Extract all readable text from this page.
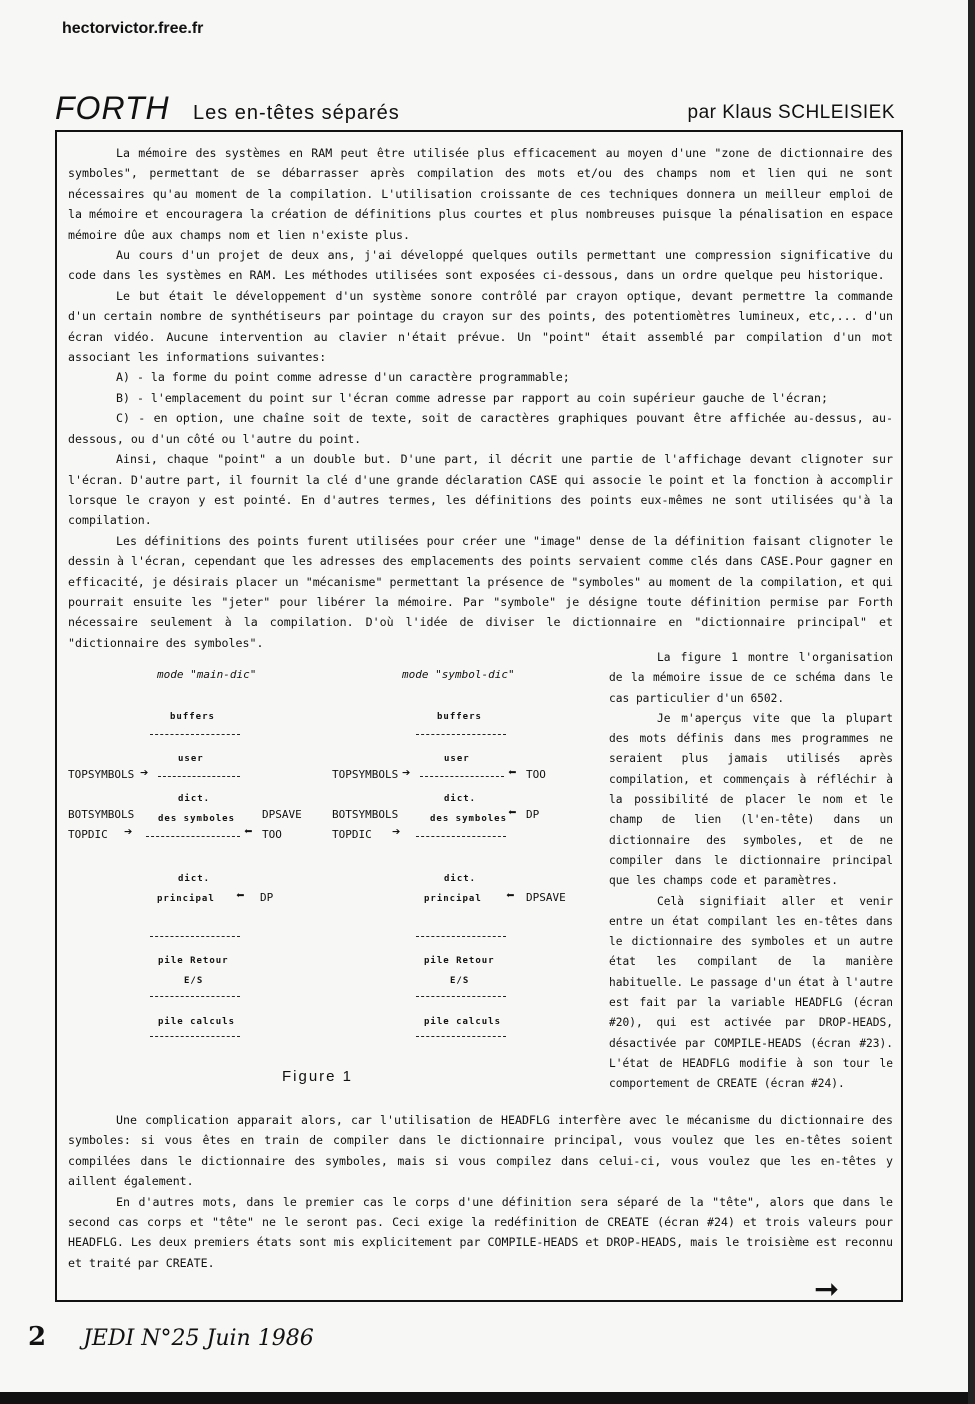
hectorvictor.free.fr
FORTH Les en-têtes séparés	par Klaus SCHLEISIEK

La mémoire des systèmes en RAM peut être utilisée plus efficacement au moyen d'une "zone de dictionnaire des symboles", permettant de se débarrasser après compilation des mots et/ou des champs nom et lien qui ne sont nécessaires qu'au moment de la compilation. L'utilisation croissante de ces techniques donnera un meilleur emploi de la mémoire et encouragera la création de définitions plus courtes et plus nombreuses puisque la pénalisation en espace mémoire dûe aux champs nom et lien n'existe plus.

Au cours d'un projet de deux ans, j'ai développé quelques outils permettant une compression significative du code dans les systèmes en RAM. Les méthodes utilisées sont exposées ci-dessous, dans un ordre quelque peu historique.

Le but était le développement d'un système sonore contrôlé par crayon optique, devant permettre la commande d'un certain nombre de synthétiseurs par pointage du crayon sur des points, des potentiomètres lumineux, etc,... d'un écran vidéo. Aucune intervention au clavier n'était prévue. Un "point" était assemblé par compilation d'un mot associant les informations suivantes:

A) - la forme du point comme adresse d'un caractère programmable;

B) - l'emplacement du point sur l'écran comme adresse par rapport au coin supérieur gauche de l'écran;

C) - en option, une chaîne soit de texte, soit de caractères graphiques pouvant être affichée au-dessus, au-dessous, ou d'un côté ou l'autre du point.

Ainsi, chaque "point" a un double but. D'une part, il décrit une partie de l'affichage devant clignoter sur l'écran. D'autre part, il fournit la clé d'une grande déclaration CASE qui associe le point et la fonction à accomplir lorsque le crayon y est pointé. En d'autres termes, les définitions des points eux-mêmes ne sont utilisées qu'à la compilation.

Les définitions des points furent utilisées pour créer une "image" dense de la définition faisant clignoter le dessin à l'écran, cependant que les adresses des emplacements des points servaient comme clés dans CASE.Pour gagner en efficacité, je désirais placer un "mécanisme" permettant la présence de "symboles" au moment de la compilation, et qui pourrait ensuite les "jeter" pour libérer la mémoire. Par "symbole" je désigne toute définition permise par Forth nécessaire seulement à la compilation. D'où l'idée de diviser le dictionnaire en "dictionnaire principal" et "dictionnaire des symboles".

mode "main-dic"
buffers
user
TOPSYMBOLS ➔
dict.
BOTSYMBOLS	des symboles DPSAVE
TOPDIC ➔	⬅ TOO
dict.
principal ⬅ DP
pile Retour
E/S
pile calculs
mode "symbol-dic"
buffers
user
TOPSYMBOLS ➔	⬅ TOO
dict.
BOTSYMBOLS	des symboles ⬅ DP
TOPDIC ➔
dict.
principal ⬅ DPSAVE
pile Retour
E/S
pile calculs
Figure 1

La figure 1 montre l'organisation de la mémoire issue de ce schéma dans le cas particulier d'un 6502.

Je m'aperçus vite que la plupart des mots définis dans mes programmes ne seraient plus jamais utilisés après compilation, et commençais à réfléchir à la possibilité de placer le nom et le champ de lien (l'en-tête) dans un dictionnaire des symboles, et de ne compiler dans le dictionnaire principal que les champs code et paramètres.

Celà signifiait aller et venir entre un état compilant les en-têtes dans le dictionnaire des symboles et un autre état les compilant de la manière habituelle. Le passage d'un état à l'autre est fait par la variable HEADFLG (écran #20), qui est activée par DROP-HEADS, désactivée par COMPILE-HEADS (écran #23). L'état de HEADFLG modifie à son tour le comportement de CREATE (écran #24).

Une complication apparait alors, car l'utilisation de HEADFLG interfère avec le mécanisme du dictionnaire des symboles: si vous êtes en train de compiler dans le dictionnaire principal, vous voulez que les en-têtes soient compilées dans le dictionnaire des symboles, mais si vous compilez dans celui-ci, vous voulez que les en-têtes y aillent également.

En d'autres mots, dans le premier cas le corps d'une définition sera séparé de la "tête", alors que dans le second cas corps et "tête" ne le seront pas. Ceci exige la redéfinition de CREATE (écran #24) et trois valeurs pour HEADFLG. Les deux premiers états sont mis explicitement par COMPILE-HEADS et DROP-HEADS, mais le troisième est reconnu et traité par CREATE.

➞
2 JEDI N°25 Juin 1986
